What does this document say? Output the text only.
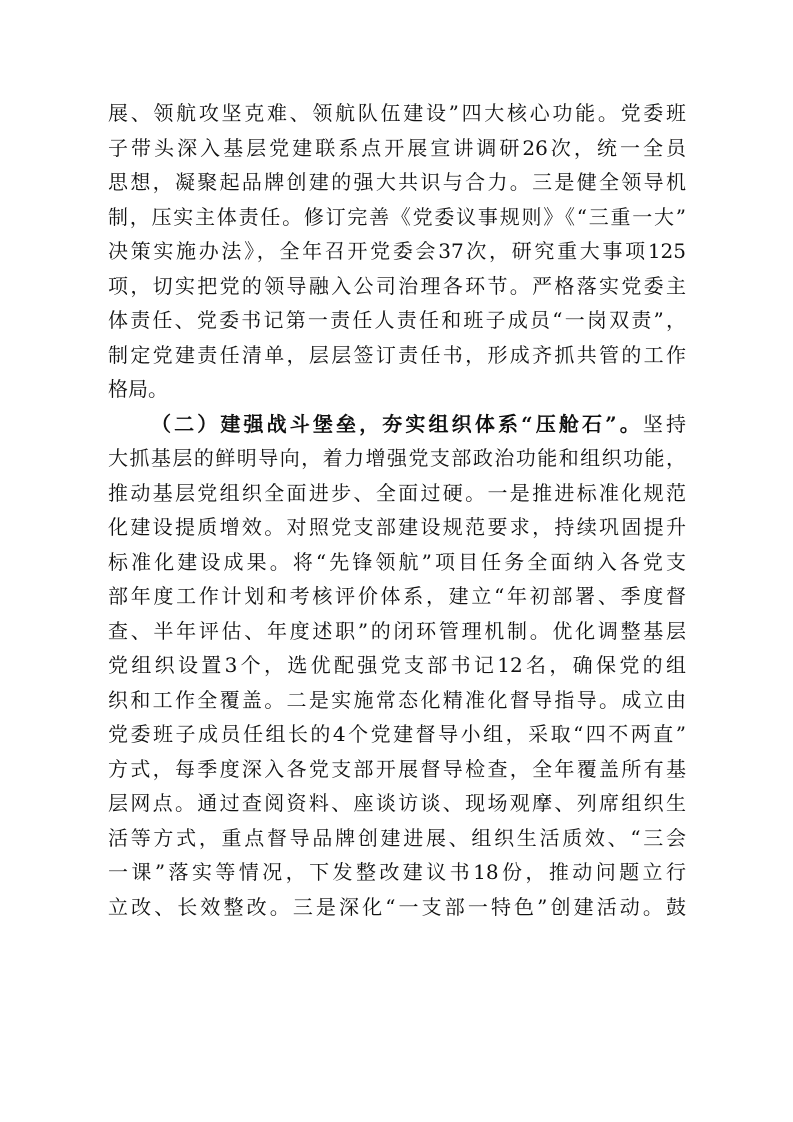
展、领航攻坚克难、领航队伍建设”四大核心功能。党委班
子带头深入基层党建联系点开展宣讲调研26次，统一全员
思想，凝聚起品牌创建的强大共识与合力。三是健全领导机
制，压实主体责任。修订完善《党委议事规则》《“三重一大”
决策实施办法》，全年召开党委会37次，研究重大事项125
项，切实把党的领导融入公司治理各环节。严格落实党委主
体责任、党委书记第一责任人责任和班子成员“一岗双责”，
制定党建责任清单，层层签订责任书，形成齐抓共管的工作
格局。
（二）建强战斗堡垒，夯实组织体系“压舱石”。坚持
大抓基层的鲜明导向，着力增强党支部政治功能和组织功能，
推动基层党组织全面进步、全面过硬。一是推进标准化规范
化建设提质增效。对照党支部建设规范要求，持续巩固提升
标准化建设成果。将“先锋领航”项目任务全面纳入各党支
部年度工作计划和考核评价体系，建立“年初部署、季度督
查、半年评估、年度述职”的闭环管理机制。优化调整基层
党组织设置3个，选优配强党支部书记12名，确保党的组
织和工作全覆盖。二是实施常态化精准化督导指导。成立由
党委班子成员任组长的4个党建督导小组，采取“四不两直”
方式，每季度深入各党支部开展督导检查，全年覆盖所有基
层网点。通过查阅资料、座谈访谈、现场观摩、列席组织生
活等方式，重点督导品牌创建进展、组织生活质效、“三会
一课”落实等情况，下发整改建议书18份，推动问题立行
立改、长效整改。三是深化“一支部一特色”创建活动。鼓
